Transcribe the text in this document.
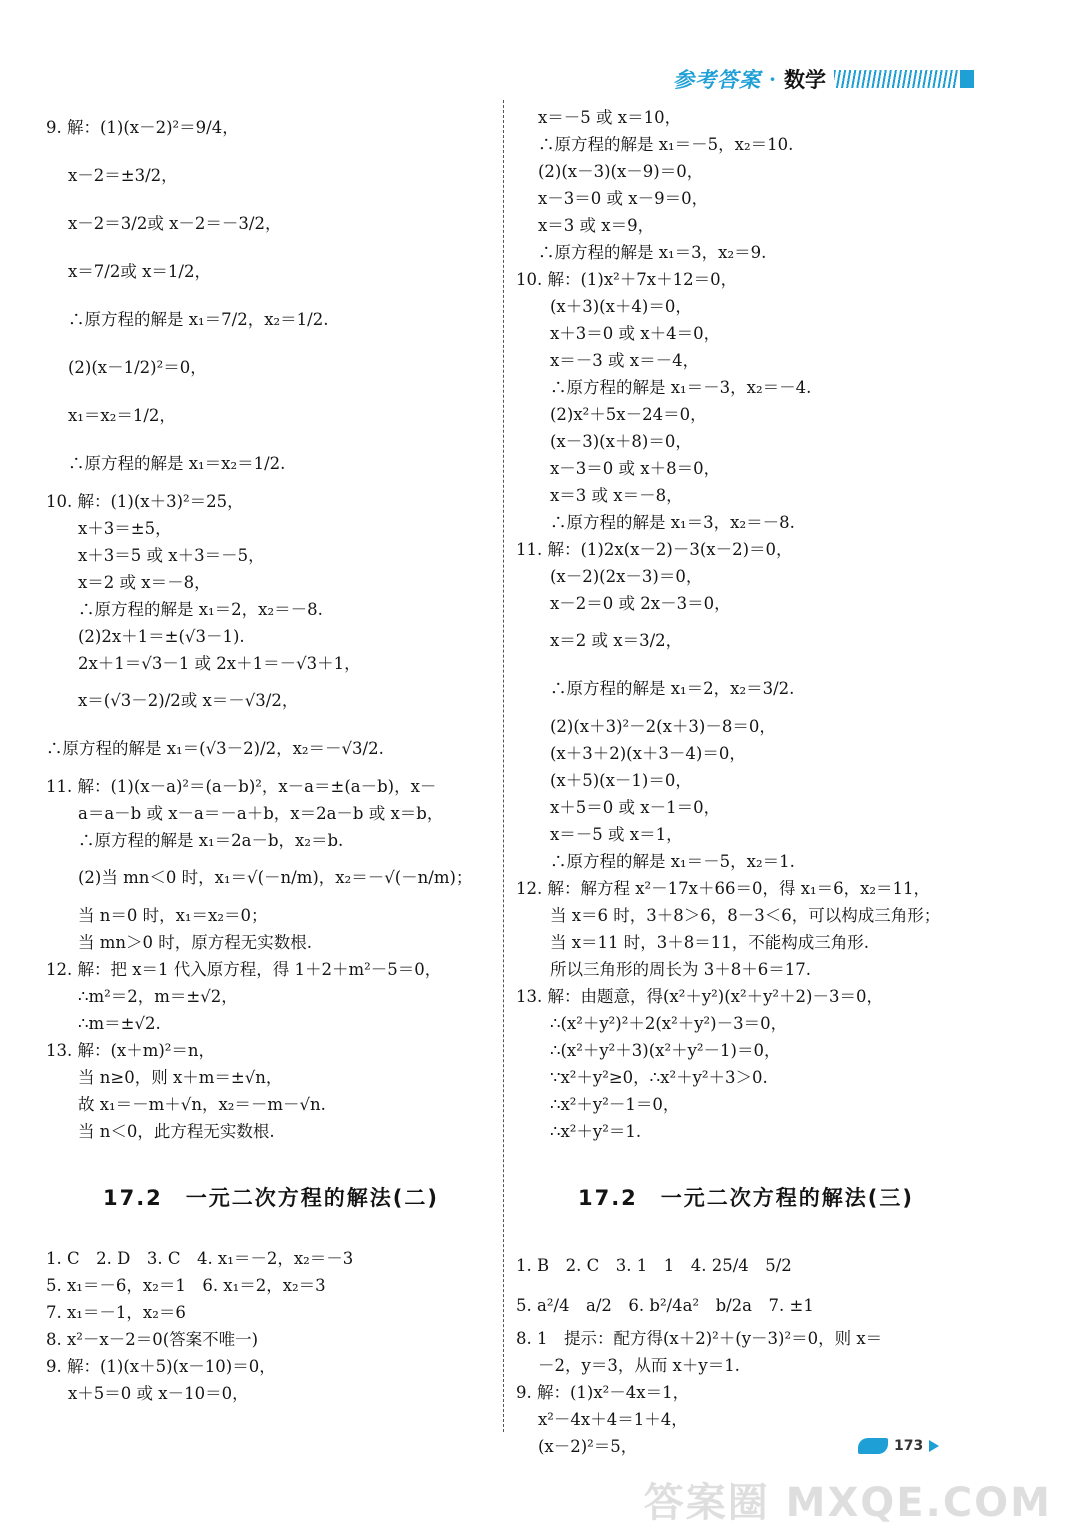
参考答案 · 数学

9. 解：(1)(x－2)²＝9/4，

x－2＝±3/2，

x－2＝3/2或 x－2＝－3/2，

x＝7/2或 x＝1/2，

∴原方程的解是 x₁＝7/2，x₂＝1/2.

(2)(x－1/2)²＝0，

x₁＝x₂＝1/2，

∴原方程的解是 x₁＝x₂＝1/2.

10. 解：(1)(x＋3)²＝25，

x＋3＝±5，

x＋3＝5 或 x＋3＝－5，

x＝2 或 x＝－8，

∴原方程的解是 x₁＝2，x₂＝－8.

(2)2x＋1＝±(√3－1).

2x＋1＝√3－1 或 2x＋1＝－√3＋1，

x＝(√3－2)/2或 x＝－√3/2，

∴原方程的解是 x₁＝(√3－2)/2，x₂＝－√3/2.

11. 解：(1)(x－a)²＝(a－b)²，x－a＝±(a－b)，x－

a＝a－b 或 x－a＝－a＋b，x＝2a－b 或 x＝b，

∴原方程的解是 x₁＝2a－b，x₂＝b.

(2)当 mn＜0 时，x₁＝√(－n/m)，x₂＝－√(－n/m)；

当 n＝0 时，x₁＝x₂＝0；

当 mn＞0 时，原方程无实数根.

12. 解：把 x＝1 代入原方程，得 1＋2＋m²－5＝0，

∴m²＝2，m＝±√2，

∴m＝±√2.

13. 解：(x＋m)²＝n，

当 n≥0，则 x＋m＝±√n，

故 x₁＝－m＋√n，x₂＝－m－√n.

当 n＜0，此方程无实数根.

17.2　一元二次方程的解法(二)

1. C　2. D　3. C　4. x₁＝－2，x₂＝－3

5. x₁＝－6，x₂＝1　6. x₁＝2，x₂＝3

7. x₁＝－1，x₂＝6

8. x²－x－2＝0(答案不唯一)

9. 解：(1)(x＋5)(x－10)＝0，

x＋5＝0 或 x－10＝0，

x＝－5 或 x＝10，

∴原方程的解是 x₁＝－5，x₂＝10.

(2)(x－3)(x－9)＝0，

x－3＝0 或 x－9＝0，

x＝3 或 x＝9，

∴原方程的解是 x₁＝3，x₂＝9.

10. 解：(1)x²＋7x＋12＝0，

(x＋3)(x＋4)＝0，

x＋3＝0 或 x＋4＝0，

x＝－3 或 x＝－4，

∴原方程的解是 x₁＝－3，x₂＝－4.

(2)x²＋5x－24＝0，

(x－3)(x＋8)＝0，

x－3＝0 或 x＋8＝0，

x＝3 或 x＝－8，

∴原方程的解是 x₁＝3，x₂＝－8.

11. 解：(1)2x(x－2)－3(x－2)＝0，

(x－2)(2x－3)＝0，

x－2＝0 或 2x－3＝0，

x＝2 或 x＝3/2，

∴原方程的解是 x₁＝2，x₂＝3/2.

(2)(x＋3)²－2(x＋3)－8＝0，

(x＋3＋2)(x＋3－4)＝0，

(x＋5)(x－1)＝0，

x＋5＝0 或 x－1＝0，

x＝－5 或 x＝1，

∴原方程的解是 x₁＝－5，x₂＝1.

12. 解：解方程 x²－17x＋66＝0，得 x₁＝6，x₂＝11，

当 x＝6 时，3＋8＞6，8－3＜6，可以构成三角形；

当 x＝11 时，3＋8＝11，不能构成三角形.

所以三角形的周长为 3＋8＋6＝17.

13. 解：由题意，得(x²＋y²)(x²＋y²＋2)－3＝0，

∴(x²＋y²)²＋2(x²＋y²)－3＝0，

∴(x²＋y²＋3)(x²＋y²－1)＝0，

∵x²＋y²≥0，∴x²＋y²＋3＞0.

∴x²＋y²－1＝0，

∴x²＋y²＝1.

17.2　一元二次方程的解法(三)

1. B　2. C　3. 1　1　4. 25/4　5/2

5. a²/4　a/2　6. b²/4a²　b/2a　7. ±1

8. 1　提示：配方得(x＋2)²＋(y－3)²＝0，则 x＝

－2，y＝3，从而 x＋y＝1.

9. 解：(1)x²－4x＝1，

x²－4x＋4＝1＋4，

(x－2)²＝5，	173
答案圈 MXQE.COM
